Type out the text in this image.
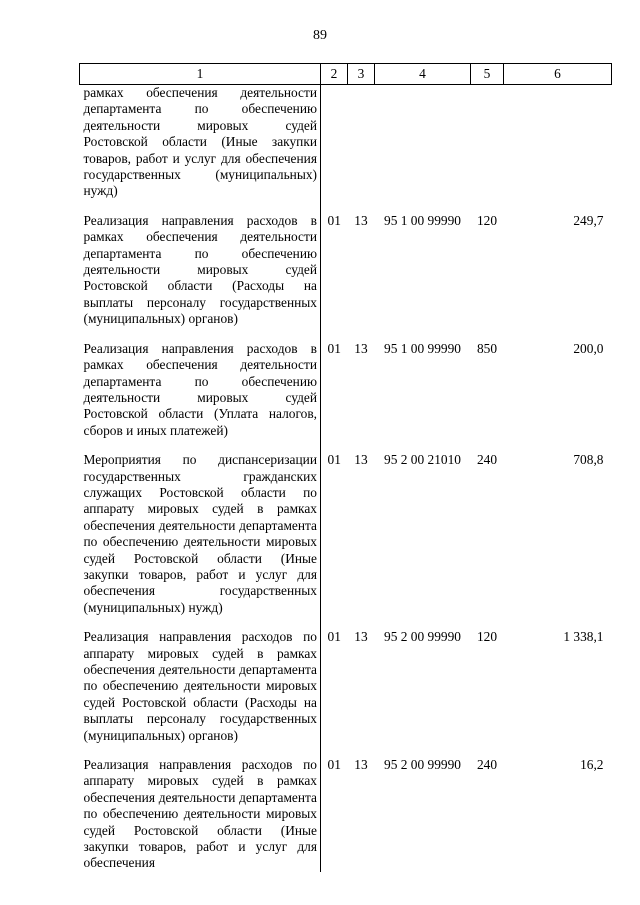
89
1	2	3	4	5	6
рамках обеспечения деятельности департамента по обеспечению деятельности мировых судей Ростовской области (Иные закупки товаров, работ и услуг для обеспечения государственных (муниципальных) нужд)					
Реализация направления расходов в рамках обеспечения деятельности департамента по обеспечению деятельности мировых судей Ростовской области (Расходы на выплаты персоналу государственных (муниципальных) органов)	01	13	95 1 00 99990	120	249,7
Реализация направления расходов в рамках обеспечения деятельности департамента по обеспечению деятельности мировых судей Ростовской области (Уплата налогов, сборов и иных платежей)	01	13	95 1 00 99990	850	200,0
Мероприятия по диспансеризации государственных гражданских служащих Ростовской области по аппарату мировых судей в рамках обеспечения деятельности департамента по обеспечению деятельности мировых судей Ростовской области (Иные закупки товаров, работ и услуг для обеспечения государственных (муниципальных) нужд)	01	13	95 2 00 21010	240	708,8
Реализация направления расходов по аппарату мировых судей в рамках обеспечения деятельности департамента по обеспечению деятельности мировых судей Ростовской области (Расходы на выплаты персоналу государственных (муниципальных) органов)	01	13	95 2 00 99990	120	1 338,1
Реализация направления расходов по аппарату мировых судей в рамках обеспечения деятельности департамента по обеспечению деятельности мировых судей Ростовской области (Иные закупки товаров, работ и услуг для обеспечения	01	13	95 2 00 99990	240	16,2
